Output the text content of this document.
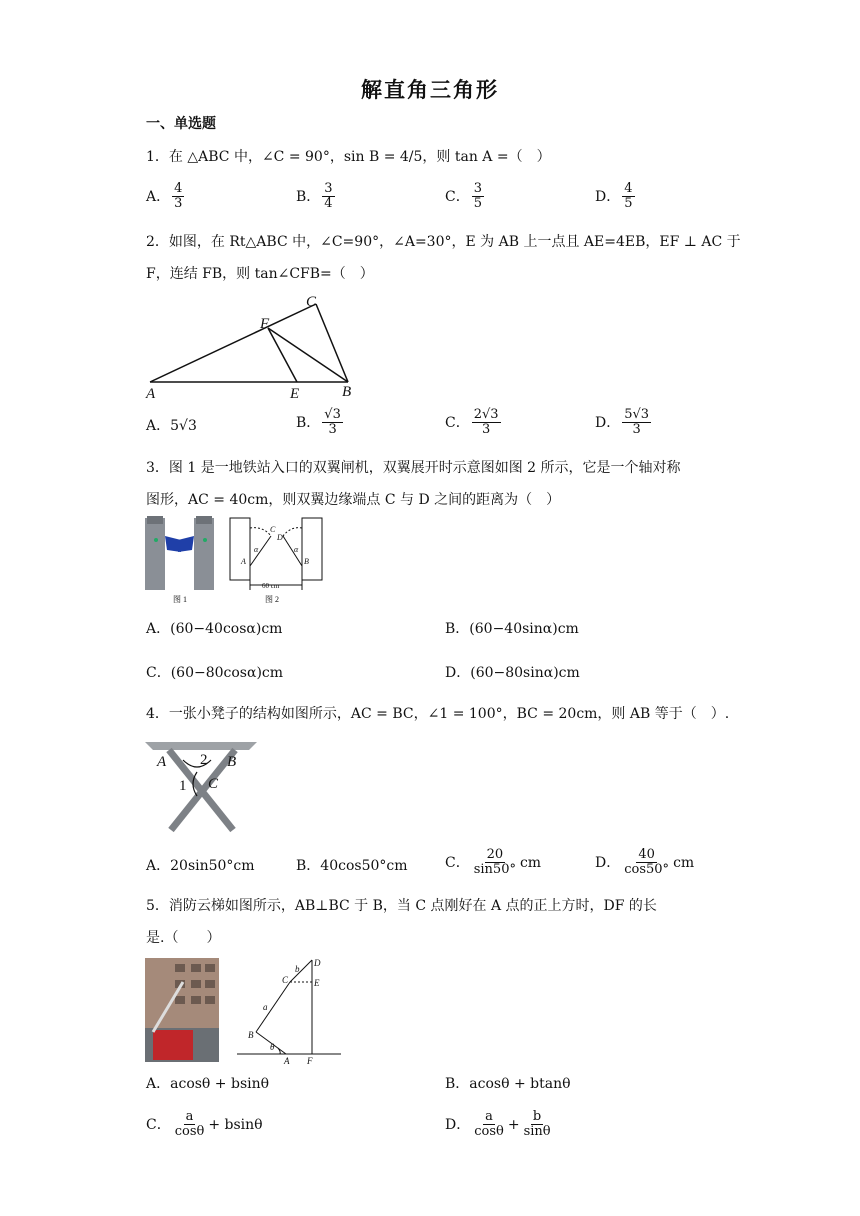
解直角三角形
一、单选题
1．在 △ABC 中，∠C = 90°，sin B = 4/5，则 tan A =（　）
A． $\frac{4}{3}$	B． $\frac{3}{4}$	C． $\frac{3}{5}$	D． $\frac{4}{5}$
2．如图，在 Rt△ABC 中，∠C=90°，∠A=30°，E 为 AB 上一点且 AE=4EB，EF ⊥ AC 于
F，连结 FB，则 tan∠CFB=（　）
A	E	B
C
F
A． 5√3	B． $\frac{√3}{3}$	C． $\frac{2√3}{3}$	D． $\frac{5√3}{3}$
3．图 1 是一地铁站入口的双翼闸机，双翼展开时示意图如图 2 所示，它是一个轴对称
图形，AC = 40cm，则双翼边缘端点 C 与 D 之间的距离为（　）
A	B
C
D
α	α
60 cm
图 1	图 2
A． (60−40cosα)cm	B． (60−40sinα)cm
C． (60−80cosα)cm	D． (60−80sinα)cm
4．一张小凳子的结构如图所示，AC = BC，∠1 = 100°，BC = 20cm，则 AB 等于（　）.
A	B
C
1
2
A． 20sin50°cm	B． 40cos50°cm	C． $\frac{20}{\sin 50^\circ}$ cm	D． $\frac{40}{\cos 50^\circ}$ cm
5．消防云梯如图所示，AB⊥BC 于 B，当 C 点刚好在 A 点的正上方时，DF 的长
是.（　　）
B
A F
C
D
E
a
b
θ
A． acosθ + bsinθ	B． acosθ + btanθ
C． $\frac{a}{\cos\theta} + bsin\theta$	D． $\frac{a}{\cos\theta} + \frac{b}{\sin\theta}$
